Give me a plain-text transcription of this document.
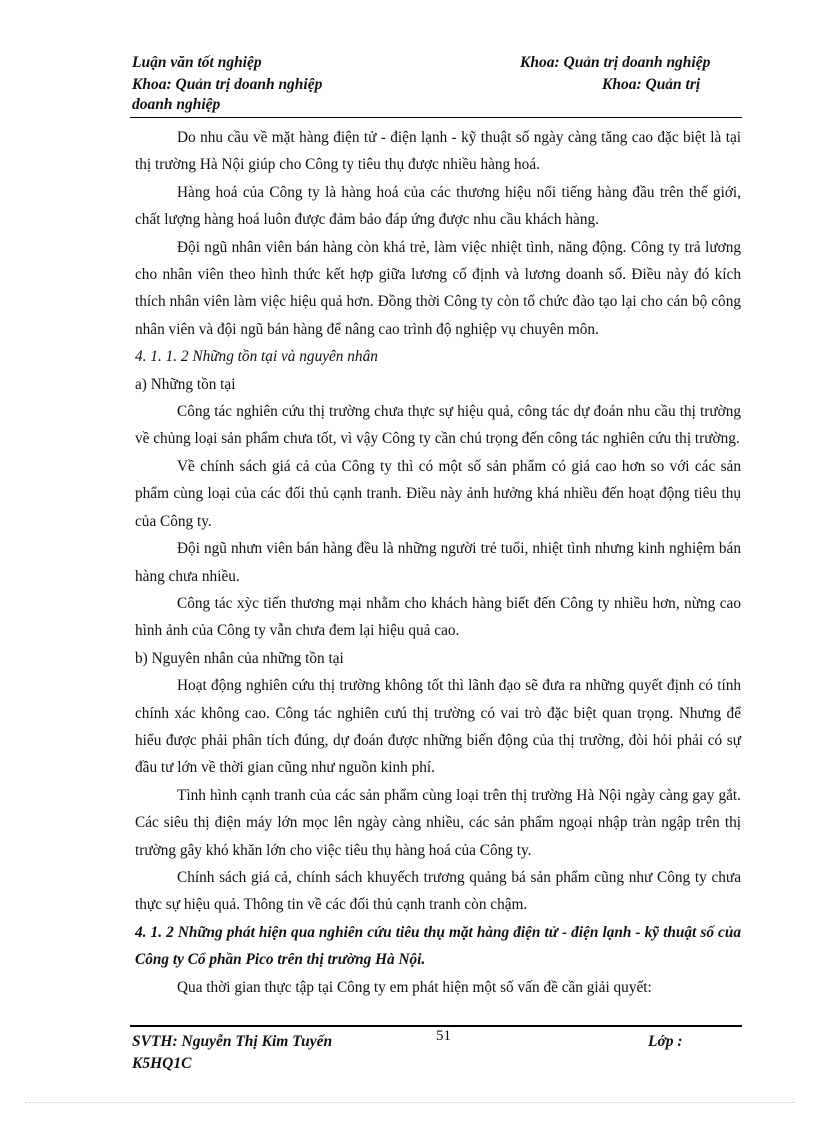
Luận văn tốt nghiệp	Khoa: Quản trị doanh nghiệp
Khoa: Quản trị doanh nghiệp	Khoa: Quản trị
doanh nghiệp

Do nhu cầu về mặt hàng điện tử - điện lạnh - kỹ thuật số ngày càng tăng cao đặc biệt là tại thị trường Hà Nội giúp cho Công ty tiêu thụ được nhiều hàng hoá.

Hàng hoá của Công ty là hàng hoá của các thương hiệu nổi tiếng hàng đầu trên thế giới, chất lượng hàng hoá luôn được đảm bảo đáp ứng được nhu cầu khách hàng.

Đội ngũ nhân viên bán hàng còn khá trẻ, làm việc nhiệt tình, năng động. Công ty trả lương cho nhân viên theo hình thức kết hợp giữa lương cố định và lương doanh số. Điều này đó kích thích nhân viên làm việc hiệu quả hơn. Đồng thời Công ty còn tổ chức đào tạo lại cho cán bộ công nhân viên và đội ngũ bán hàng để nâng cao trình độ nghiệp vụ chuyên môn.

4. 1. 1. 2 Những tồn tại và nguyên nhân

a) Những tồn tại

Công tác nghiên cứu thị trường chưa thực sự hiệu quả, công tác dự đoán nhu cầu thị trường về chủng loại sản phẩm chưa tốt, vì vậy Công ty cần chú trọng đến công tác nghiên cứu thị trường.

Về chính sách giá cả của Công ty thì có một số sản phẩm có giá cao hơn so với các sản phẩm cùng loại của các đối thủ cạnh tranh. Điều này ảnh hưởng khá nhiều đến hoạt động tiêu thụ của Công ty.

Đội ngũ nhưn viên bán hàng đều là những người trẻ tuổi, nhiệt tình nhưng kinh nghiệm bán hàng chưa nhiều.

Công tác xỳc tiến thương mại nhằm cho khách hàng biết đến Công ty nhiều hơn, nừng cao hình ảnh của Công ty vẫn chưa đem lại hiệu quả cao.

b) Nguyên nhân của những tồn tại

Hoạt động nghiên cứu thị trường không tốt thì lãnh đạo sẽ đưa ra những quyết định có tính chính xác không cao. Công tác nghiên cưú thị trường có vai trò đặc biệt quan trọng. Nhưng để hiểu được phải phân tích đúng, dự đoán được những biến động của thị trường, đòi hỏi phải có sự đầu tư lớn về thời gian cũng như nguồn kinh phí.

Tình hình cạnh tranh của các sản phẩm cùng loại trên thị trường Hà Nội ngày càng gay gắt. Các siêu thị điện máy lớn mọc lên ngày càng nhiều, các sản phẩm ngoại nhập tràn ngập trên thị trường gây khó khăn lớn cho việc tiêu thụ hàng hoá của Công ty.

Chính sách giá cả, chính sách khuyếch trương quảng bá sản phẩm cũng như Công ty chưa thực sự hiệu quả. Thông tin về các đối thủ cạnh tranh còn chậm.

4. 1. 2 Những phát hiện qua nghiên cứu tiêu thụ mặt hàng điện tử - điện lạnh - kỹ thuật số của Công ty Cổ phần Pico trên thị trường Hà Nội.

Qua thời gian thực tập tại Công ty em phát hiện một số vấn đề cần giải quyết:

SVTH: Nguyễn Thị Kim Tuyến	51	Lớp :
K5HQ1C
